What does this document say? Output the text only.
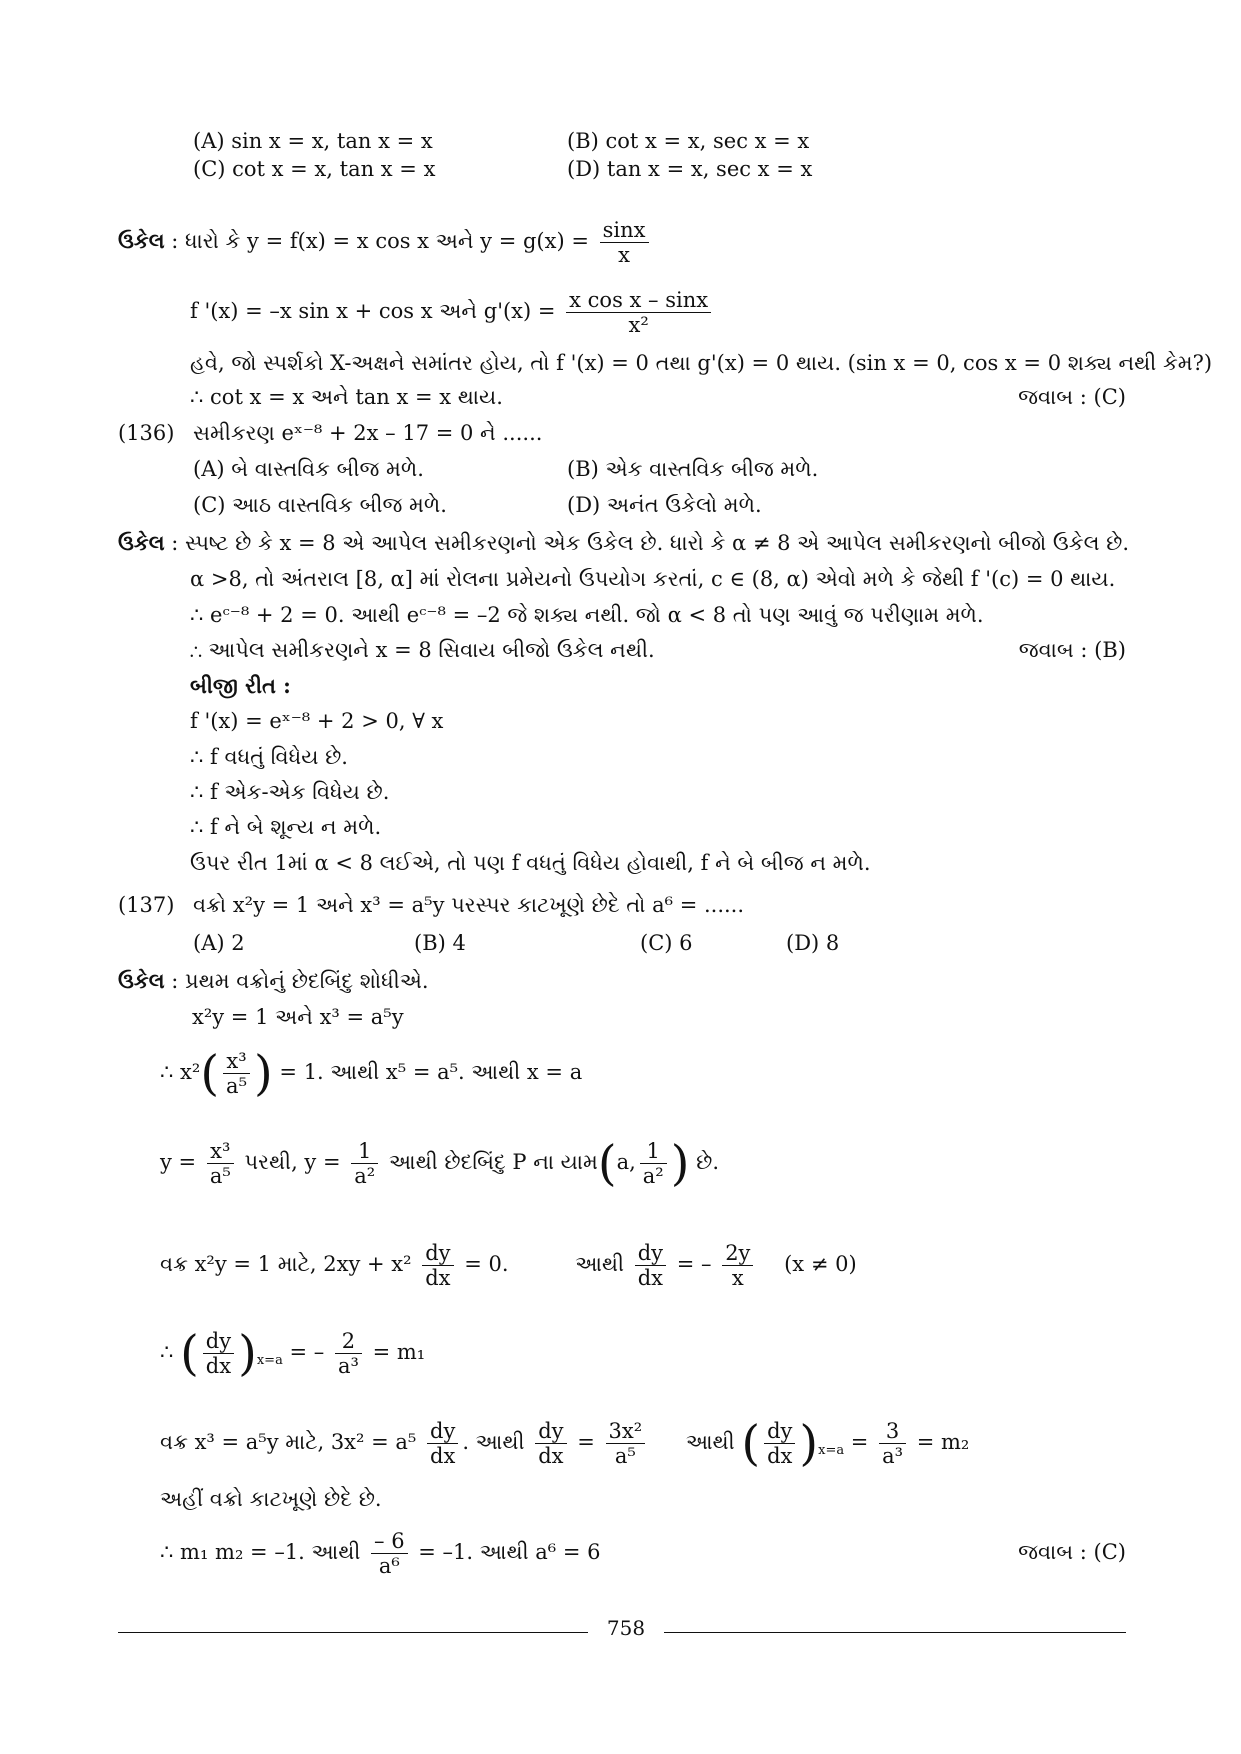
(A) sin x = x, tan x = x	(B) cot x = x, sec x = x
(C) cot x = x, tan x = x	(D) tan x = x, sec x = x
ઉકેલ : ધારો કે y = f(x) = x cos x અને $y = g(x) = \frac{\sin x}{x}$
f '(x) = –x sin x + cos x અને $g'(x) = \frac{\text{x cos x – sinx}}{\text{x²}}$
હવે, જો સ્પર્શકો X-અક્ષને સમાંતર હોય, તો f '(x) = 0 તથા g'(x) = 0 થાય. (sin x = 0, cos x = 0 શક્ય નથી કેમ?)
∴ cot x = x અને tan x = x થાય.	જવાબ : (C)
(136) સમીકરણ eˣ⁻⁸ + 2x – 17 = 0 ને ......
(A) બે વાસ્તવિક બીજ મળે.	(B) એક વાસ્તવિક બીજ મળે.
(C) આઠ વાસ્તવિક બીજ મળે.	(D) અનંત ઉકેલો મળે.
ઉકેલ : સ્પષ્ટ છે કે x = 8 એ આપેલ સમીકરણનો એક ઉકેલ છે. ધારો કે α ≠ 8 એ આપેલ સમીકરણનો બીજો ઉકેલ છે.
α >8, તો અંતરાલ [8, α] માં રોલના પ્રમેયનો ઉપયોગ કરતાં, c ∈ (8, α) એવો મળે કે જેથી f '(c) = 0 થાય.
∴ eᶜ⁻⁸ + 2 = 0. આથી eᶜ⁻⁸ = –2 જે શક્ય નથી. જો α < 8 તો પણ આવું જ પરીણામ મળે.
∴ આપેલ સમીકરણને x = 8 સિવાય બીજો ઉકેલ નથી.	જવાબ : (B)
બીજી રીત :
f '(x) = eˣ⁻⁸ + 2 > 0, ∀ x
∴ f વધતું વિધેય છે.
∴ f એક-એક વિધેય છે.
∴ f ને બે શૂન્ય ન મળે.
ઉપર રીત 1માં α < 8 લઈએ, તો પણ f વધતું વિધેય હોવાથી, f ને બે બીજ ન મળે.
(137) વક્રો x²y = 1 અને x³ = a⁵y પરસ્પર કાટખૂણે છેદે તો a⁶ = ......
(A) 2	(B) 4	(C) 6	(D) 8
ઉકેલ : પ્રથમ વક્રોનું છેદબિંદુ શોધીએ.
x²y = 1 અને x³ = a⁵y
∴ $x^2( \frac{\text{x³}}{\text{a⁵}}$ ) = 1. આથી x⁵ = a⁵. આથી x = a
$y = \frac{\text{x³}}{\text{a⁵}}$ પરથી, $y = \frac{1}{\text{a²}}$ આથી છેદબિંદુ P ના યામ(a, $\frac{1}{\text{a²}}$ ) છે.
વક્ર x²y = 1 માટે, $2xy + x^2 \frac{dy}{dx} = 0$.	આથી $\frac{dy}{dx}$ = – $\frac{2y}{x} (x \ne 0)$
∴ ( $\frac{dy}{dx} )_{x=a}$ = – $\frac{2}{\text{a³}} = m_1$
વક્ર x³ = a⁵y માટે, $3x^2 = a^5 \frac{dy}{dx}$ . આથી $\frac{dy}{dx} = \frac{\text{3x²}}{\text{a⁵}}$ આથી ( $\frac{dy}{dx} )_{x=a} = \frac{3}{\text{a³}} = m_2$
અહીં વક્રો કાટખૂણે છેદે છે.
∴ m₁ m₂ = –1. આથી $\frac{- 6}{\text{a⁶}} = -1$. આથી a⁶ = 6	જવાબ : (C)
758
